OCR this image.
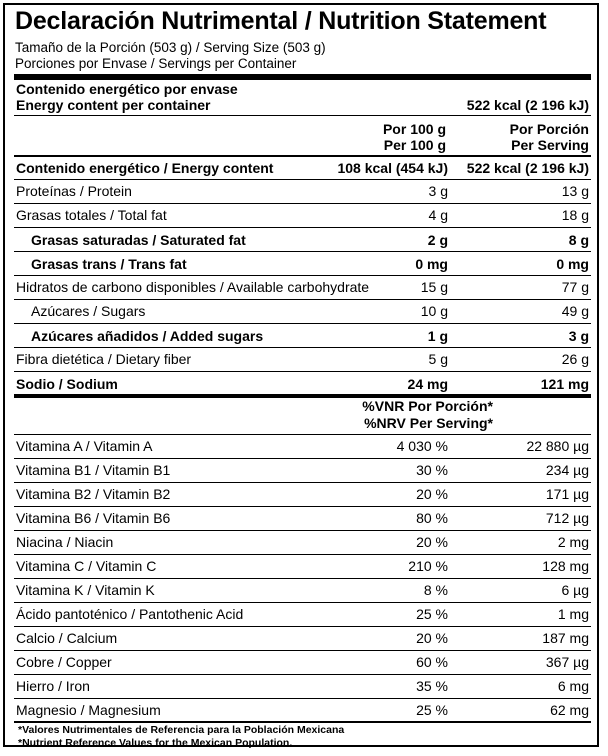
Declaración Nutrimental / Nutrition Statement
Tamaño de la Porción (503 g) / Serving Size (503 g)
Porciones por Envase / Servings per Container
Contenido energético por envase
Energy content per container	522 kcal (2 196 kJ)
Por 100 g
Per 100 g
Por Porción
Per Serving
Contenido energético / Energy content	108 kcal (454 kJ) 522 kcal (2 196 kJ)
Proteínas / Protein	3 g	13 g
Grasas totales / Total fat	4 g	18 g
Grasas saturadas / Saturated fat	2 g	8 g
Grasas trans / Trans fat	0 mg	0 mg
Hidratos de carbono disponibles / Available carbohydrate	15 g	77 g
Azúcares / Sugars	10 g	49 g
Azúcares añadidos / Added sugars	1 g	3 g
Fibra dietética / Dietary fiber	5 g	26 g
Sodio / Sodium	24 mg	121 mg
%VNR Por Porción*
%NRV Per Serving*
Vitamina A / Vitamin A	4 030 %	22 880 µg
Vitamina B1 / Vitamin B1	30 %	234 µg
Vitamina B2 / Vitamin B2	20 %	171 µg
Vitamina B6 / Vitamin B6	80 %	712 µg
Niacina / Niacin	20 %	2 mg
Vitamina C / Vitamin C	210 %	128 mg
Vitamina K / Vitamin K	8 %	6 µg
Ácido pantoténico / Pantothenic Acid	25 %	1 mg
Calcio / Calcium	20 %	187 mg
Cobre / Copper	60 %	367 µg
Hierro / Iron	35 %	6 mg
Magnesio / Magnesium	25 %	62 mg
*Valores Nutrimentales de Referencia para la Población Mexicana
*Nutrient Reference Values for the Mexican Population.
